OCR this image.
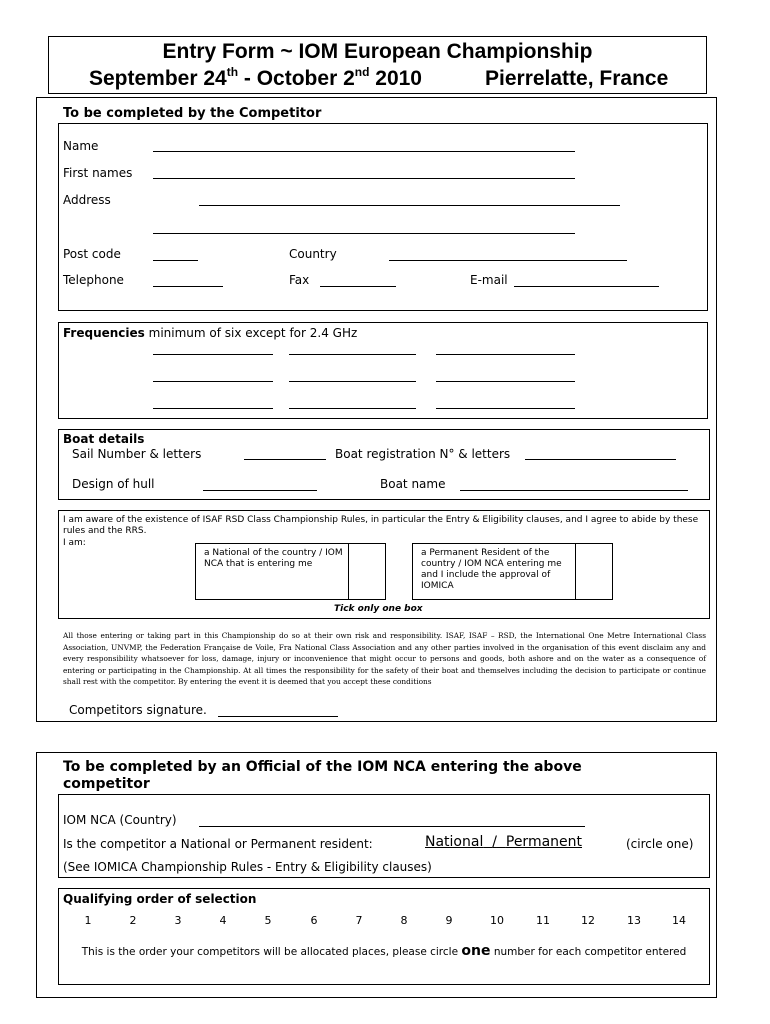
Entry Form ~ IOM European Championship
September 24th - October 2nd 2010	Pierrelatte, France
To be completed by the Competitor
Name
First names
Address
Post code	Country
Telephone	Fax	E-mail
Frequencies minimum of six except for 2.4 GHz
Boat details
Sail Number & letters	Boat registration N° & letters
Design of hull	Boat name
I am aware of the existence of ISAF RSD Class Championship Rules, in particular the Entry & Eligibility clauses, and I agree to abide by these rules and the RRS.
I am:
a National of the country / IOM NCA that is entering me
a Permanent Resident of the country / IOM NCA entering me and I include the approval of IOMICA
Tick only one box
All those entering or taking part in this Championship do so at their own risk and responsibility. ISAF, ISAF – RSD, the International One Metre International Class Association, UNVMP, the Federation Française de Voile, Fra National Class Association and any other parties involved in the organisation of this event disclaim any and every responsibility whatsoever for loss, damage, injury or inconvenience that might occur to persons and goods, both ashore and on the water as a consequence of entering or participating in the Championship. At all times the responsibility for the safety of their boat and themselves including the decision to participate or continue shall rest with the competitor. By entering the event it is deemed that you accept these conditions
Competitors signature.
To be completed by an Official of the IOM NCA entering the above competitor
IOM NCA (Country)
Is the competitor a National or Permanent resident:	National / Permanent	(circle one)
(See IOMICA Championship Rules - Entry & Eligibility clauses)
Qualifying order of selection
1	2	3	4	5	6	7	8	9	10	11	12	13	14
This is the order your competitors will be allocated places, please circle one number for each competitor entered
